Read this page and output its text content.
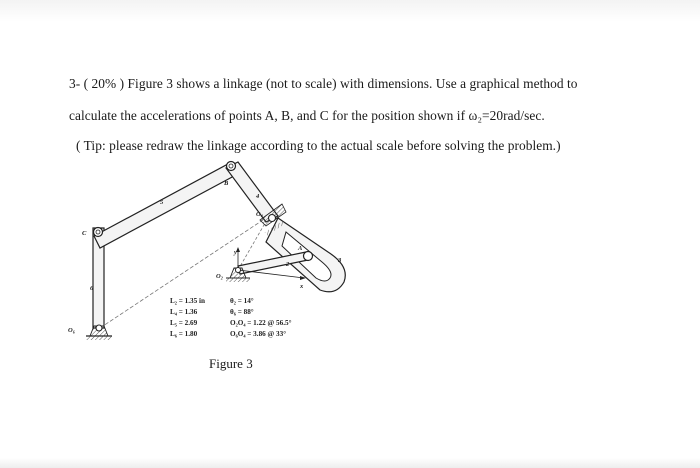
3- ( 20% ) Figure 3 shows a linkage (not to scale) with dimensions. Use a graphical method to
calculate the accelerations of points A, B, and C for the position shown if ω₂=20rad/sec.
( Tip: please redraw the linkage according to the actual scale before solving the problem.)
C
B
A
O₂
O₄
O₆
2
3
4
5
6
y
x
L₂ = 1.35 in
L₄ = 1.36
L₅ = 2.69
L₆ = 1.80
θ₂ = 14°
θ₆ = 88°
O₂O₄ = 1.22 @ 56.5°
O₆O₄ = 3.86 @ 33°
Figure 3
